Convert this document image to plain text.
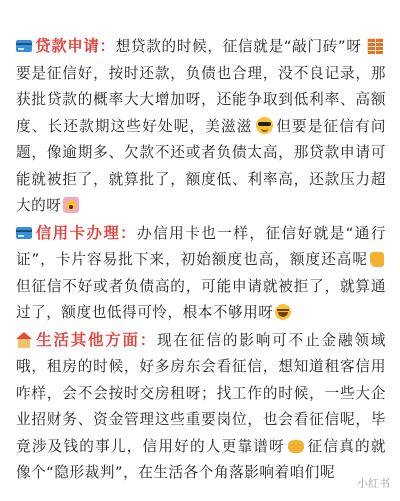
贷款申请：想贷款的时候，征信就是“敲门砖”呀 要是征信好，按时还款，负债也合理，没不良记录，那获批贷款的概率大大增加呀，还能争取到低利率、高额度、长还款期这些好处呢，美滋滋 但要是征信有问题，像逾期多、欠款不还或者负债太高，那贷款申请可能就被拒了，就算批了，额度低、利率高，还款压力超大的呀

信用卡办理：办信用卡也一样，征信好就是“通行证”，卡片容易批下来，初始额度也高，额度还高呢但征信不好或者负债高的，可能申请就被拒了，就算通过了，额度也低得可怜，根本不够用呀

生活其他方面：现在征信的影响可不止金融领域哦，租房的时候，好多房东会看征信，想知道租客信用咋样，会不会按时交房租呀；找工作的时候，一些大企业招财务、资金管理这些重要岗位，也会看征信呢，毕竟涉及钱的事儿，信用好的人更靠谱呀 征信真的就像个“隐形裁判”，在生活各个角落影响着咱们呢

小红书
